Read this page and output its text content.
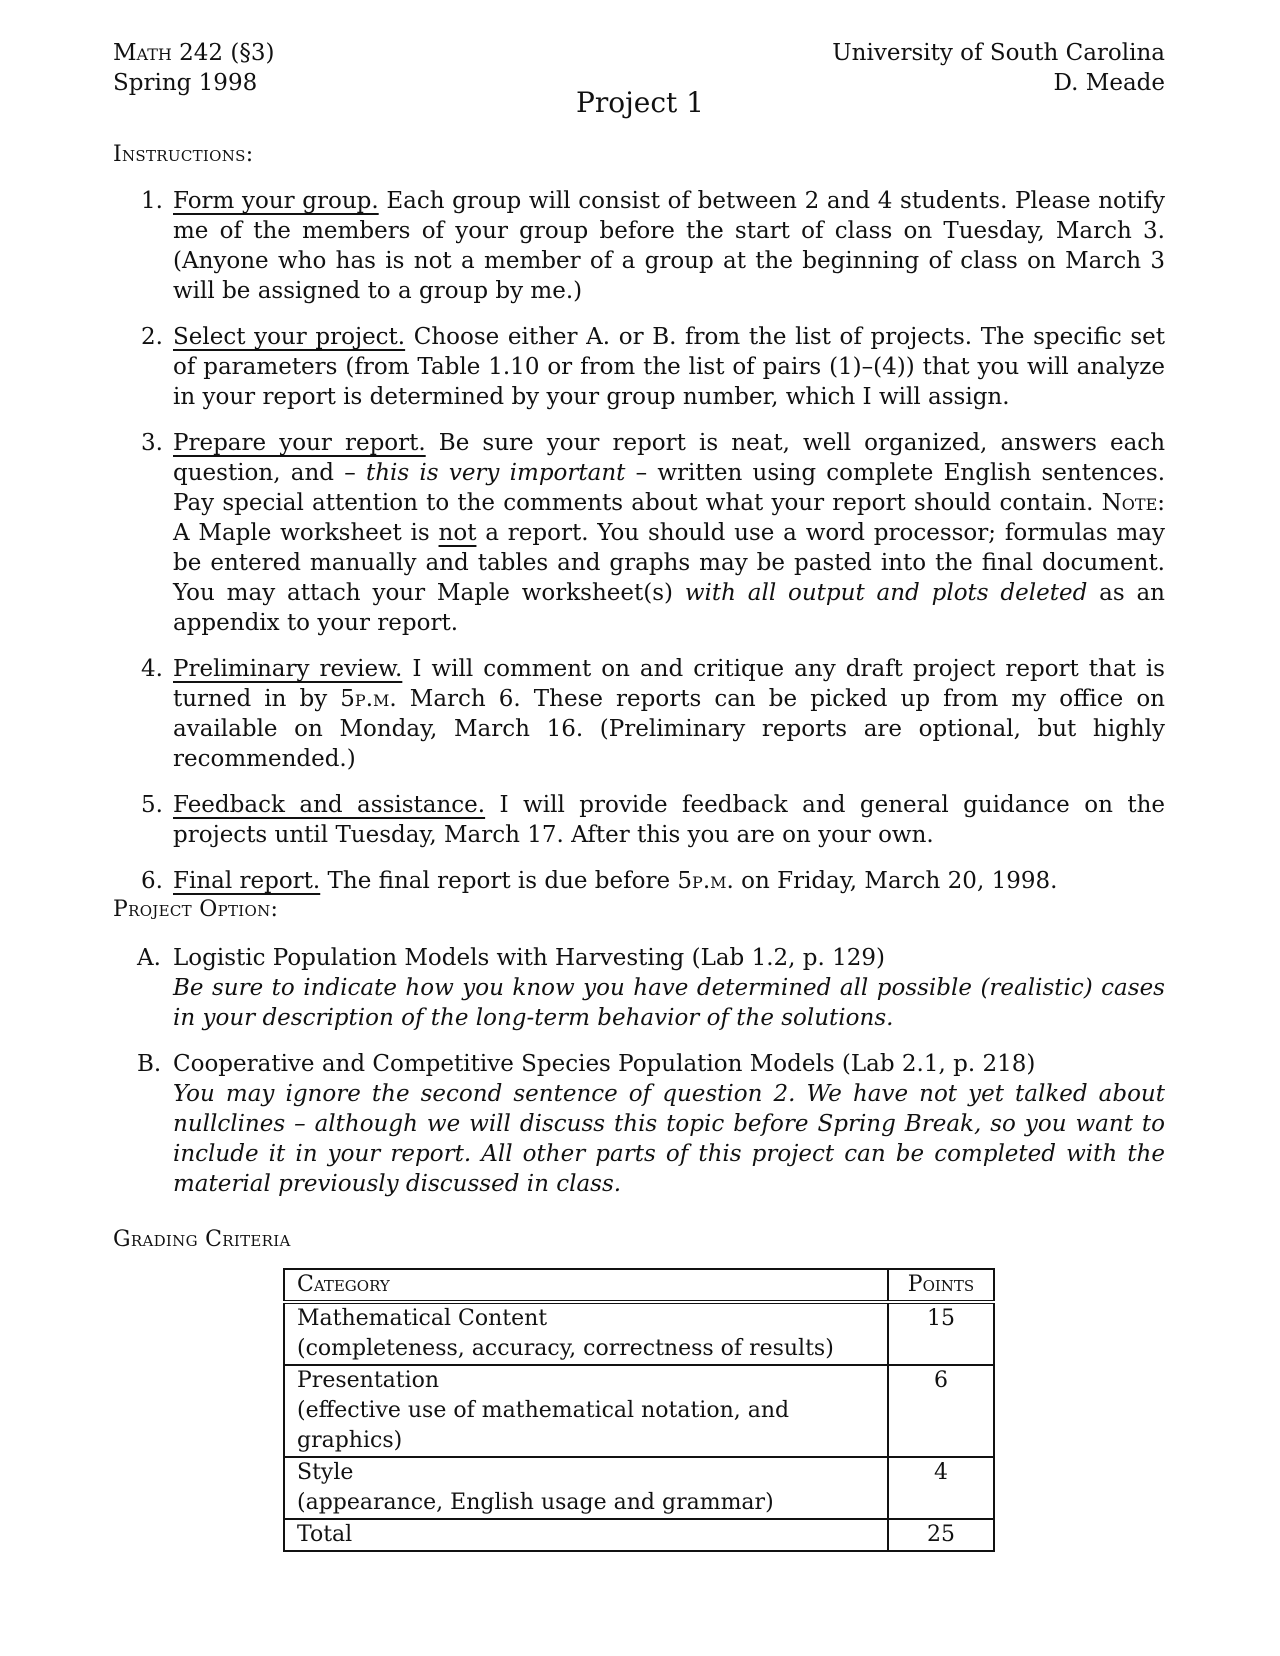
Math 242 (§3)
Spring 1998
University of South Carolina
D. Meade
Project 1
Instructions:
1. Form your group. Each group will consist of between 2 and 4 students. Please notify me of the members of your group before the start of class on Tuesday, March 3. (Anyone who has is not a member of a group at the beginning of class on March 3 will be assigned to a group by me.)
2. Select your project. Choose either A. or B. from the list of projects. The specific set of parameters (from Table 1.10 or from the list of pairs (1)–(4)) that you will analyze in your report is determined by your group number, which I will assign.
3. Prepare your report. Be sure your report is neat, well organized, answers each question, and – this is very important – written using complete English sentences. Pay special attention to the comments about what your report should contain. Note: A Maple worksheet is not a report. You should use a word processor; formulas may be entered manually and tables and graphs may be pasted into the final document. You may attach your Maple worksheet(s) with all output and plots deleted as an appendix to your report.
4. Preliminary review. I will comment on and critique any draft project report that is turned in by 5p.m. March 6. These reports can be picked up from my office on available on Monday, March 16. (Preliminary reports are optional, but highly recommended.)
5. Feedback and assistance. I will provide feedback and general guidance on the projects until Tuesday, March 17. After this you are on your own.
6. Final report. The final report is due before 5p.m. on Friday, March 20, 1998.
Project Option:
A. Logistic Population Models with Harvesting (Lab 1.2, p. 129)
Be sure to indicate how you know you have determined all possible (realistic) cases in your description of the long-term behavior of the solutions.
B. Cooperative and Competitive Species Population Models (Lab 2.1, p. 218)
You may ignore the second sentence of question 2. We have not yet talked about nullclines – although we will discuss this topic before Spring Break, so you want to include it in your report. All other parts of this project can be completed with the material previously discussed in class.
Grading Criteria
Category	Points

Mathematical Content
(completeness, accuracy, correctness of results)	15

Presentation
(effective use of mathematical notation, and graphics)	6

Style
(appearance, English usage and grammar)	4
Total	25
